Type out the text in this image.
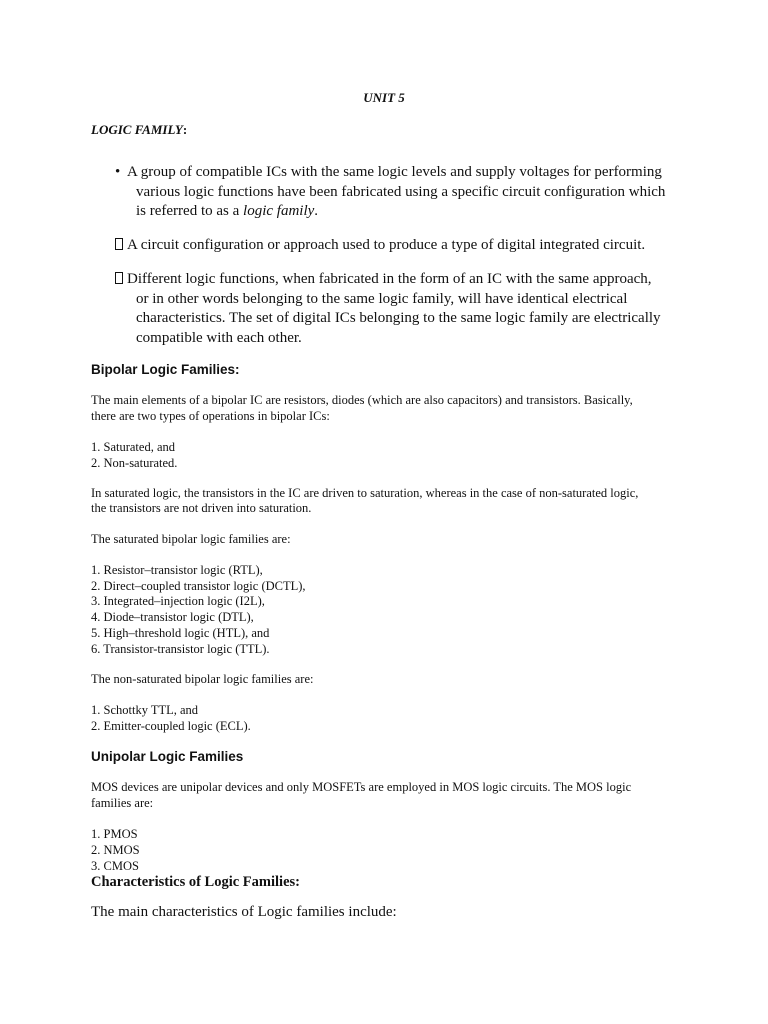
UNIT 5

LOGIC FAMILY:

• A group of compatible ICs with the same logic levels and supply voltages for performing
various logic functions have been fabricated using a specific circuit configuration which
is referred to as a logic family.
A circuit configuration or approach used to produce a type of digital integrated circuit.
Different logic functions, when fabricated in the form of an IC with the same approach,
or in other words belonging to the same logic family, will have identical electrical
characteristics. The set of digital ICs belonging to the same logic family are electrically
compatible with each other.

Bipolar Logic Families:

The main elements of a bipolar IC are resistors, diodes (which are also capacitors) and transistors. Basically,

there are two types of operations in bipolar ICs:

1. Saturated, and

2. Non-saturated.

In saturated logic, the transistors in the IC are driven to saturation, whereas in the case of non-saturated logic,

the transistors are not driven into saturation.

The saturated bipolar logic families are:

1. Resistor–transistor logic (RTL),

2. Direct–coupled transistor logic (DCTL),

3. Integrated–injection logic (I2L),

4. Diode–transistor logic (DTL),

5. High–threshold logic (HTL), and

6. Transistor-transistor logic (TTL).

The non-saturated bipolar logic families are:

1. Schottky TTL, and

2. Emitter-coupled logic (ECL).

Unipolar Logic Families

MOS devices are unipolar devices and only MOSFETs are employed in MOS logic circuits. The MOS logic

families are:

1. PMOS

2. NMOS

3. CMOS

Characteristics of Logic Families:

The main characteristics of Logic families include:
